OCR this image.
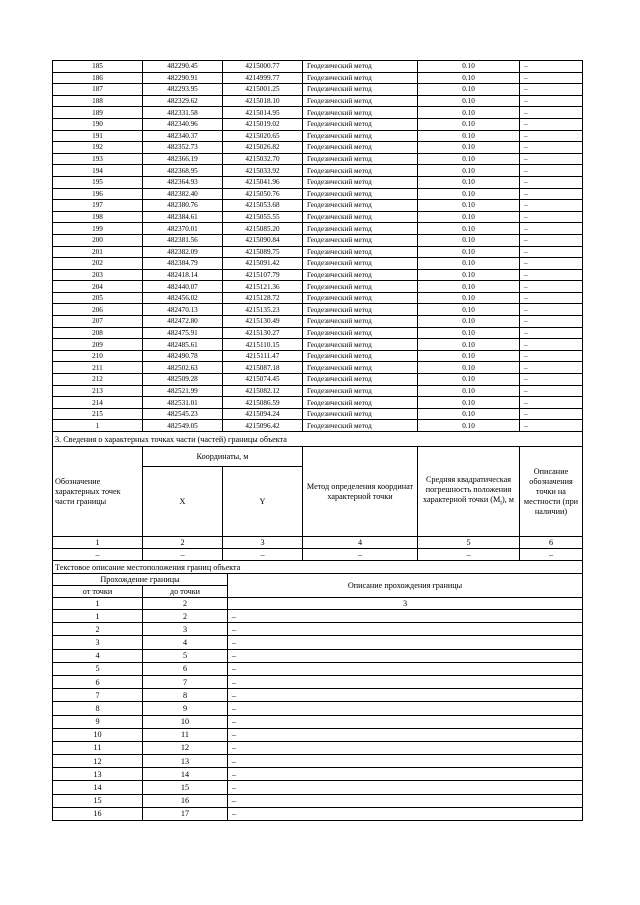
185	482290.45	4215000.77	Геодезический метод	0.10	–
186	482290.91	4214999.77	Геодезический метод	0.10	–
187	482293.95	4215001.25	Геодезический метод	0.10	–
188	482329.62	4215018.10	Геодезический метод	0.10	–
189	482331.58	4215014.95	Геодезический метод	0.10	–
190	482340.96	4215019.02	Геодезический метод	0.10	–
191	482340.37	4215020.65	Геодезический метод	0.10	–
192	482352.73	4215026.82	Геодезический метод	0.10	–
193	482366.19	4215032.70	Геодезический метод	0.10	–
194	482368.95	4215033.92	Геодезический метод	0.10	–
195	482364.93	4215041.96	Геодезический метод	0.10	–
196	482382.40	4215050.76	Геодезический метод	0.10	–
197	482380.76	4215053.68	Геодезический метод	0.10	–
198	482384.61	4215055.55	Геодезический метод	0.10	–
199	482370.01	4215085.20	Геодезический метод	0.10	–
200	482381.56	4215090.84	Геодезический метод	0.10	–
201	482382.09	4215089.75	Геодезический метод	0.10	–
202	482384.79	4215091.42	Геодезический метод	0.10	–
203	482418.14	4215107.79	Геодезический метод	0.10	–
204	482440.07	4215121.36	Геодезический метод	0.10	–
205	482456.02	4215128.72	Геодезический метод	0.10	–
206	482470.13	4215135.23	Геодезический метод	0.10	–
207	482472.80	4215130.49	Геодезический метод	0.10	–
208	482475.91	4215130.27	Геодезический метод	0.10	–
209	482485.61	4215110.15	Геодезический метод	0.10	–
210	482490.78	4215111.47	Геодезический метод	0.10	–
211	482502.63	4215087.18	Геодезический метод	0.10	–
212	482509.28	4215074.45	Геодезический метод	0.10	–
213	482521.99	4215082.12	Геодезический метод	0.10	–
214	482531.01	4215086.59	Геодезический метод	0.10	–
215	482545.23	4215094.24	Геодезический метод	0.10	–
1	482549.05	4215096.42	Геодезический метод	0.10	–
3. Сведения о характерных точках части (частей) границы объекта					
Обозначение характерных точек части границы	Координаты, м		Метод определения координат характерной точки	Средняя квадратическая погрешность положения характерной точки $(M_t)$, м	Описание обозначения точки на местности (при наличии)
	X	Y			
1	2	3	4	5	6
–	–	–	–	–	–
Текстовое описание местоположения границ объекта		
Прохождение границы		Описание прохождения границы
от точки	до точки	
1	2	3
1	2	–
2	3	–
3	4	–
4	5	–
5	6	–
6	7	–
7	8	–
8	9	–
9	10	–
10	11	–
11	12	–
12	13	–
13	14	–
14	15	–
15	16	–
16	17	–
